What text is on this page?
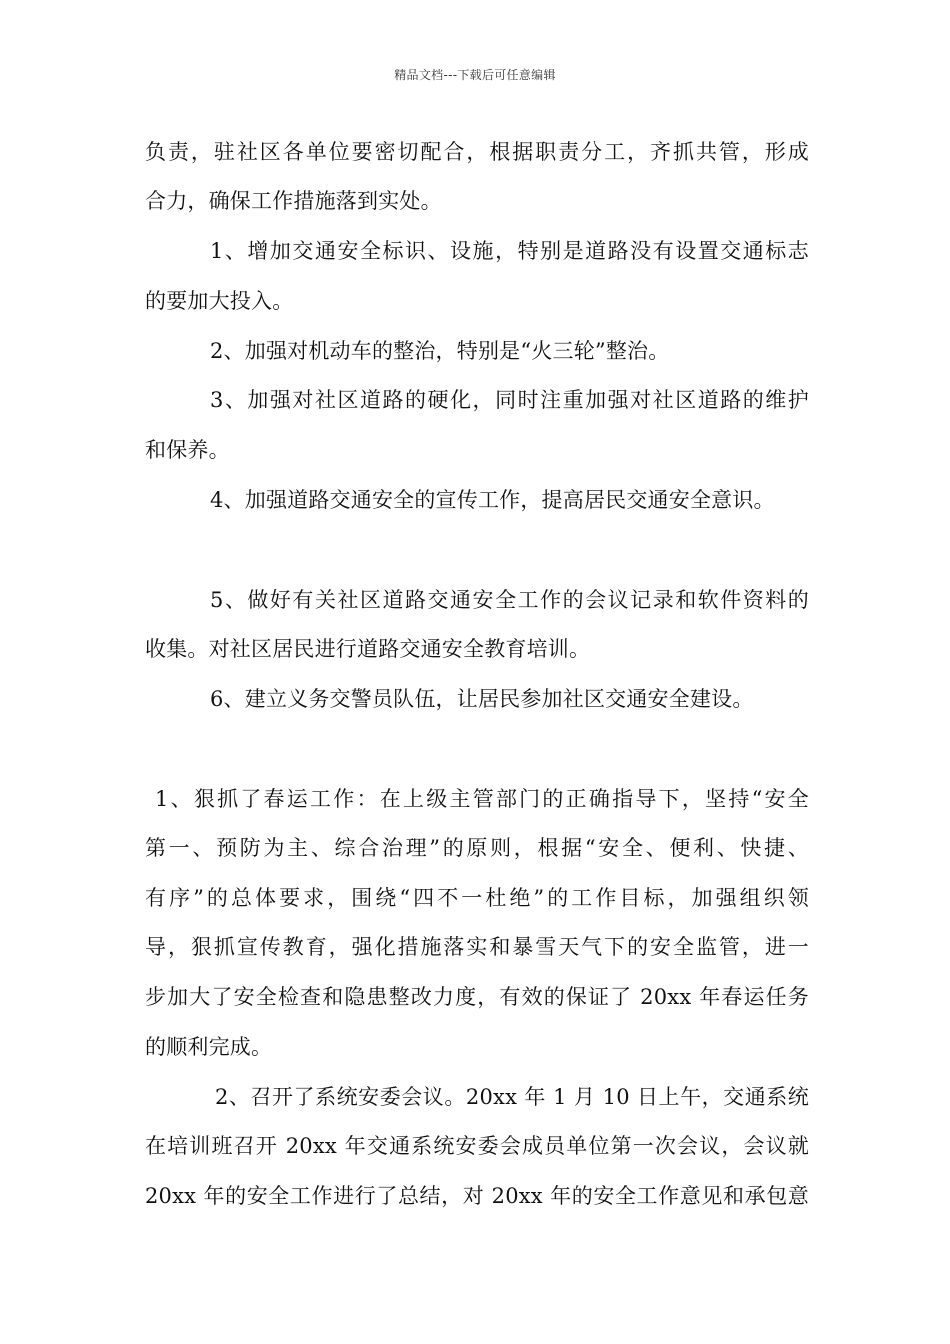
精品文档---下载后可任意编辑
负责，驻社区各单位要密切配合，根据职责分工，齐抓共管，形成
合力，确保工作措施落到实处。
1、增加交通安全标识、设施，特别是道路没有设置交通标志
的要加大投入。
2、加强对机动车的整治，特别是“火三轮”整治。
3、加强对社区道路的硬化，同时注重加强对社区道路的维护
和保养。
4、加强道路交通安全的宣传工作，提高居民交通安全意识。
5、做好有关社区道路交通安全工作的会议记录和软件资料的
收集。对社区居民进行道路交通安全教育培训。
6、建立义务交警员队伍，让居民参加社区交通安全建设。
1、狠抓了春运工作：在上级主管部门的正确指导下，坚持“安全
第一、预防为主、综合治理”的原则，根据“安全、便利、快捷、
有序”的总体要求，围绕“四不一杜绝”的工作目标，加强组织领
导，狠抓宣传教育，强化措施落实和暴雪天气下的安全监管，进一
步加大了安全检查和隐患整改力度，有效的保证了 20xx 年春运任务
的顺利完成。
2、召开了系统安委会议。20xx 年 1 月 10 日上午，交通系统
在培训班召开 20xx 年交通系统安委会成员单位第一次会议，会议就
20xx 年的安全工作进行了总结，对 20xx 年的安全工作意见和承包意
